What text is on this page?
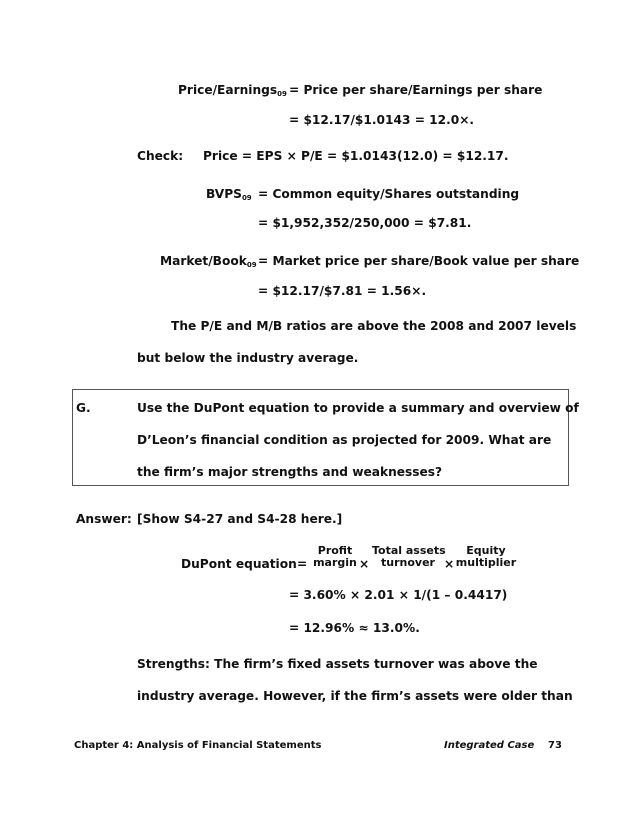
Price/Earnings$_{09}$ = Price per share/Earnings per share
= $12.17/$1.0143 = 12.0×.
Check: Price = EPS × P/E = $1.0143(12.0) = $12.17.
$BVPS_{09}$ = Common equity/Shares outstanding
= $1,952,352/250,000 = $7.81.
Market/Book$_{09}$ = Market price per share/Book value per share
= $12.17/$7.81 = 1.56×.
The P/E and M/B ratios are above the 2008 and 2007 levels
but below the industry average.
G.	Use the DuPont equation to provide a summary and overview of
D’Leon’s financial condition as projected for 2009. What are
the firm’s major strengths and weaknesses?
Answer: [Show S4-27 and S4-28 here.]
DuPont equation =
Profit
margin ×
Total assets
turnover ×
Equity
multiplier
= 3.60% × 2.01 × 1/(1 – 0.4417)
= 12.96% ≈ 13.0%.
Strengths: The firm’s fixed assets turnover was above the
industry average. However, if the firm’s assets were older than
Chapter 4: Analysis of Financial Statements	Integrated Case 73
